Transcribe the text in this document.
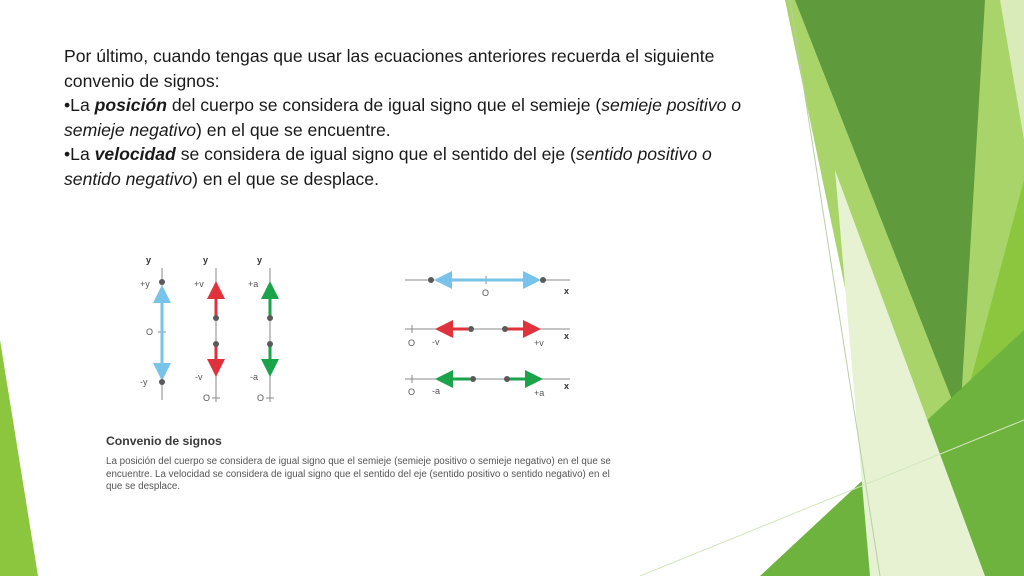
Por último, cuando tengas que usar las ecuaciones anteriores recuerda el siguiente convenio de signos:

•La posición del cuerpo se considera de igual signo que el semieje (semieje positivo o semieje negativo) en el que se encuentre.

•La velocidad se considera de igual signo que el sentido del eje (sentido positivo o sentido negativo) en el que se desplace.

y
O
+y
-y
y
O
+v
-v
y
O
+a
-a
O	x
O
x
-v	+v
O
x
-a	+a
Convenio de signos
La posición del cuerpo se considera de igual signo que el semieje (semieje positivo o semieje negativo) en el que se encuentre. La velocidad se considera de igual signo que el sentido del eje (sentido positivo o sentido negativo) en el que se desplace.
